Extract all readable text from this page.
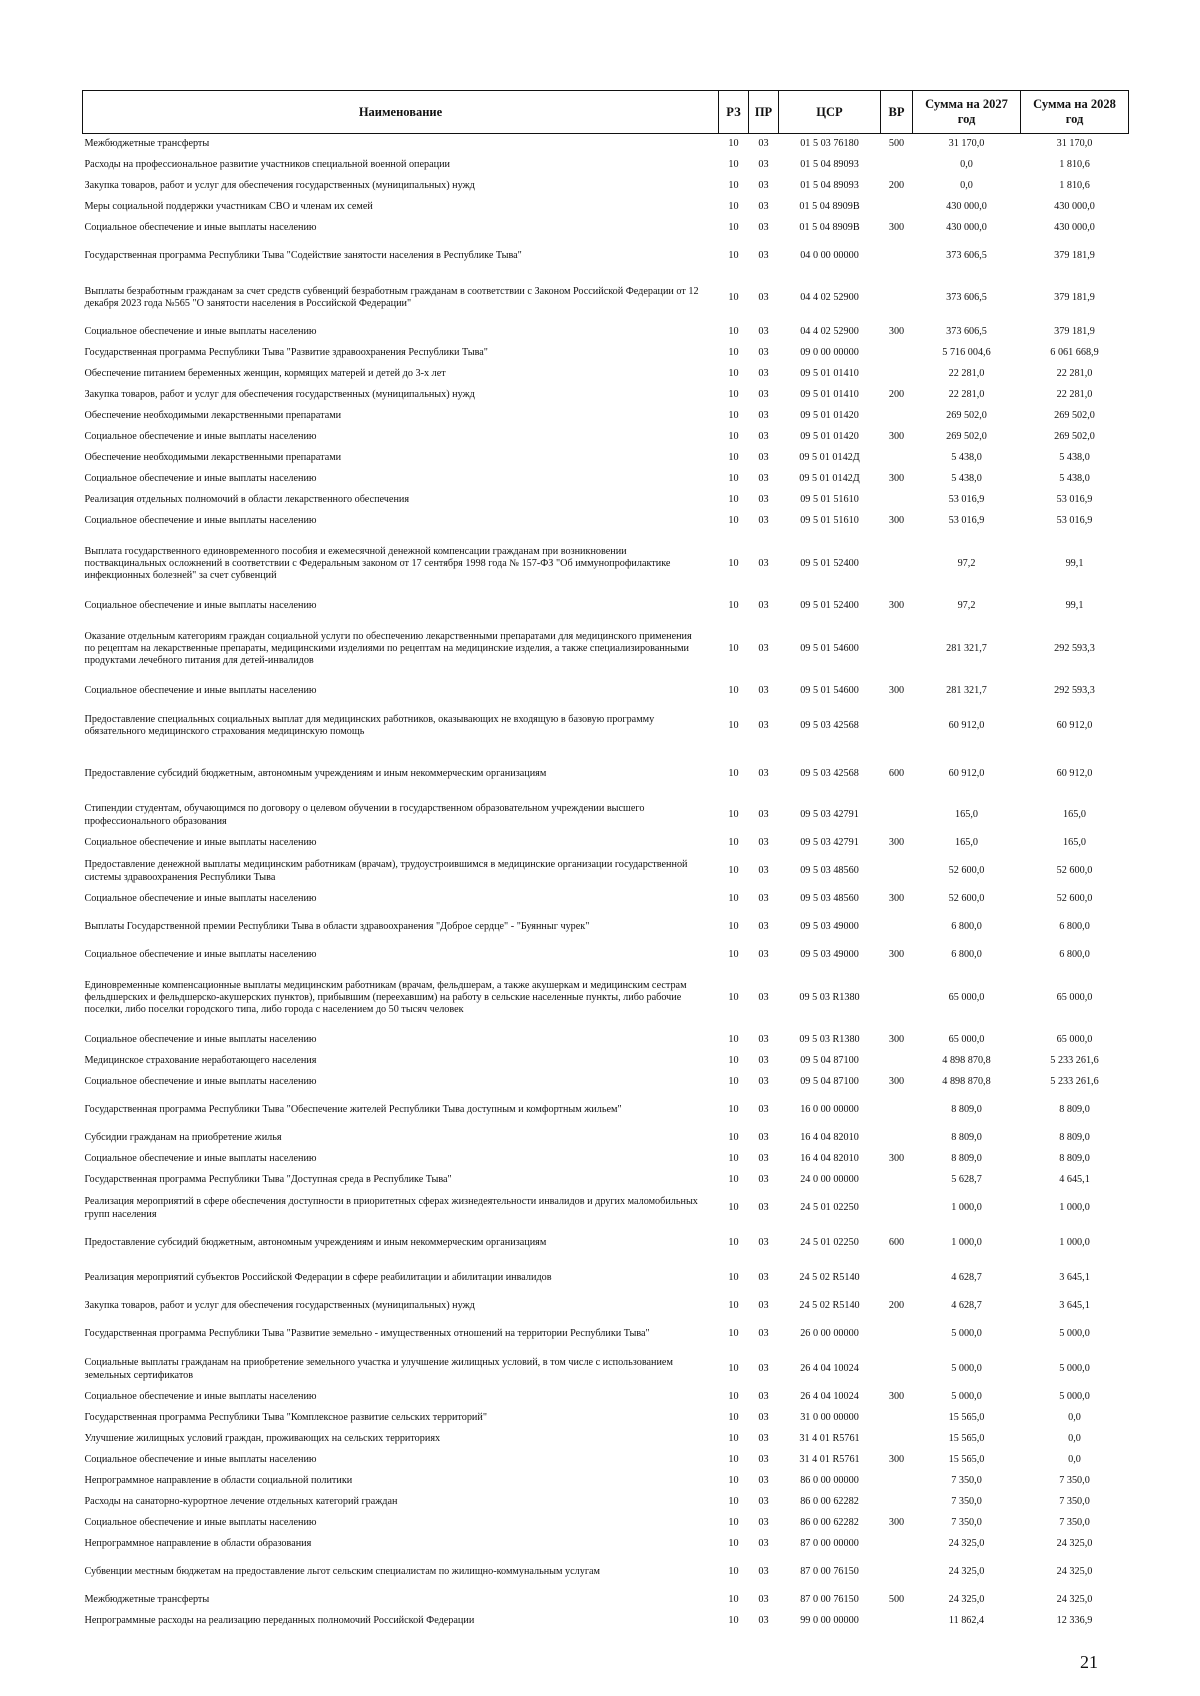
Наименование	РЗ	ПР	ЦСР	ВР	Сумма на 2027 год	Сумма на 2028 год
Межбюджетные трансферты	10	03	01 5 03 76180	500	31 170,0	31 170,0
Расходы на профессиональное развитие участников специальной военной операции	10	03	01 5 04 89093		0,0	1 810,6
Закупка товаров, работ и услуг для обеспечения государственных (муниципальных) нужд	10	03	01 5 04 89093	200	0,0	1 810,6
Меры социальной поддержки участникам СВО и членам их семей	10	03	01 5 04 8909В		430 000,0	430 000,0
Социальное обеспечение и иные выплаты населению	10	03	01 5 04 8909В	300	430 000,0	430 000,0
Государственная программа Республики Тыва "Содействие занятости населения в Республике Тыва"	10	03	04 0 00 00000		373 606,5	379 181,9
Выплаты безработным гражданам за счет средств субвенций безработным гражданам в соответствии с Законом Российской Федерации от 12 декабря 2023 года №565 "О занятости населения в Российской Федерации"	10	03	04 4 02 52900		373 606,5	379 181,9
Социальное обеспечение и иные выплаты населению	10	03	04 4 02 52900	300	373 606,5	379 181,9
Государственная программа Республики Тыва "Развитие здравоохранения Республики Тыва"	10	03	09 0 00 00000		5 716 004,6	6 061 668,9
Обеспечение питанием беременных женщин, кормящих матерей и детей до 3-х лет	10	03	09 5 01 01410		22 281,0	22 281,0
Закупка товаров, работ и услуг для обеспечения государственных (муниципальных) нужд	10	03	09 5 01 01410	200	22 281,0	22 281,0
Обеспечение необходимыми лекарственными препаратами	10	03	09 5 01 01420		269 502,0	269 502,0
Социальное обеспечение и иные выплаты населению	10	03	09 5 01 01420	300	269 502,0	269 502,0
Обеспечение необходимыми лекарственными препаратами	10	03	09 5 01 0142Д		5 438,0	5 438,0
Социальное обеспечение и иные выплаты населению	10	03	09 5 01 0142Д	300	5 438,0	5 438,0
Реализация отдельных полномочий в области лекарственного обеспечения	10	03	09 5 01 51610		53 016,9	53 016,9
Социальное обеспечение и иные выплаты населению	10	03	09 5 01 51610	300	53 016,9	53 016,9
Выплата государственного единовременного пособия и ежемесячной денежной компенсации гражданам при возникновении поствакцинальных осложнений в соответствии с Федеральным законом от 17 сентября 1998 года № 157-ФЗ "Об иммунопрофилактике инфекционных болезней" за счет субвенций	10	03	09 5 01 52400		97,2	99,1
Социальное обеспечение и иные выплаты населению	10	03	09 5 01 52400	300	97,2	99,1
Оказание отдельным категориям граждан социальной услуги по обеспечению лекарственными препаратами для медицинского применения по рецептам на лекарственные препараты, медицинскими изделиями по рецептам на медицинские изделия, а также специализированными продуктами лечебного питания для детей-инвалидов	10	03	09 5 01 54600		281 321,7	292 593,3
Социальное обеспечение и иные выплаты населению	10	03	09 5 01 54600	300	281 321,7	292 593,3
Предоставление специальных социальных выплат для медицинских работников, оказывающих не входящую в базовую программу обязательного медицинского страхования медицинскую помощь	10	03	09 5 03 42568		60 912,0	60 912,0
Предоставление субсидий бюджетным, автономным учреждениям и иным некоммерческим организациям	10	03	09 5 03 42568	600	60 912,0	60 912,0
Стипендии студентам, обучающимся по договору о целевом обучении в государственном образовательном учреждении высшего профессионального образования	10	03	09 5 03 42791		165,0	165,0
Социальное обеспечение и иные выплаты населению	10	03	09 5 03 42791	300	165,0	165,0
Предоставление денежной выплаты медицинским работникам (врачам), трудоустроившимся в медицинские организации государственной системы здравоохранения Республики Тыва	10	03	09 5 03 48560		52 600,0	52 600,0
Социальное обеспечение и иные выплаты населению	10	03	09 5 03 48560	300	52 600,0	52 600,0
Выплаты Государственной премии Республики Тыва в области здравоохранения "Доброе сердце" - "Буянныг чурек"	10	03	09 5 03 49000		6 800,0	6 800,0
Социальное обеспечение и иные выплаты населению	10	03	09 5 03 49000	300	6 800,0	6 800,0
Единовременные компенсационные выплаты медицинским работникам (врачам, фельдшерам, а также акушеркам и медицинским сестрам фельдшерских и фельдшерско-акушерских пунктов), прибывшим (переехавшим) на работу в сельские населенные пункты, либо рабочие поселки, либо поселки городского типа, либо города с населением до 50 тысяч человек	10	03	09 5 03 R1380		65 000,0	65 000,0
Социальное обеспечение и иные выплаты населению	10	03	09 5 03 R1380	300	65 000,0	65 000,0
Медицинское страхование неработающего населения	10	03	09 5 04 87100		4 898 870,8	5 233 261,6
Социальное обеспечение и иные выплаты населению	10	03	09 5 04 87100	300	4 898 870,8	5 233 261,6
Государственная программа Республики Тыва "Обеспечение жителей Республики Тыва доступным и комфортным жильем"	10	03	16 0 00 00000		8 809,0	8 809,0
Субсидии гражданам на приобретение жилья	10	03	16 4 04 82010		8 809,0	8 809,0
Социальное обеспечение и иные выплаты населению	10	03	16 4 04 82010	300	8 809,0	8 809,0
Государственная программа Республики Тыва "Доступная среда в Республике Тыва"	10	03	24 0 00 00000		5 628,7	4 645,1
Реализация мероприятий в сфере обеспечения доступности в приоритетных сферах жизнедеятельности инвалидов и других маломобильных групп населения	10	03	24 5 01 02250		1 000,0	1 000,0
Предоставление субсидий бюджетным, автономным учреждениям и иным некоммерческим организациям	10	03	24 5 01 02250	600	1 000,0	1 000,0
Реализация мероприятий субъектов Российской Федерации в сфере реабилитации и абилитации инвалидов	10	03	24 5 02 R5140		4 628,7	3 645,1
Закупка товаров, работ и услуг для обеспечения государственных (муниципальных) нужд	10	03	24 5 02 R5140	200	4 628,7	3 645,1
Государственная программа Республики Тыва "Развитие земельно - имущественных отношений на территории Республики Тыва"	10	03	26 0 00 00000		5 000,0	5 000,0
Социальные выплаты гражданам на приобретение земельного участка и улучшение жилищных условий, в том числе с использованием земельных сертификатов	10	03	26 4 04 10024		5 000,0	5 000,0
Социальное обеспечение и иные выплаты населению	10	03	26 4 04 10024	300	5 000,0	5 000,0
Государственная программа Республики Тыва "Комплексное развитие сельских территорий"	10	03	31 0 00 00000		15 565,0	0,0
Улучшение жилищных условий граждан, проживающих на сельских территориях	10	03	31 4 01 R5761		15 565,0	0,0
Социальное обеспечение и иные выплаты населению	10	03	31 4 01 R5761	300	15 565,0	0,0
Непрограммное направление в области социальной политики	10	03	86 0 00 00000		7 350,0	7 350,0
Расходы на санаторно-курортное лечение отдельных категорий граждан	10	03	86 0 00 62282		7 350,0	7 350,0
Социальное обеспечение и иные выплаты населению	10	03	86 0 00 62282	300	7 350,0	7 350,0
Непрограммное направление в области образования	10	03	87 0 00 00000		24 325,0	24 325,0
Субвенции местным бюджетам на предоставление льгот сельским специалистам по жилищно-коммунальным услугам	10	03	87 0 00 76150		24 325,0	24 325,0
Межбюджетные трансферты	10	03	87 0 00 76150	500	24 325,0	24 325,0
Непрограммные расходы на реализацию переданных полномочий Российской Федерации	10	03	99 0 00 00000		11 862,4	12 336,9
21
